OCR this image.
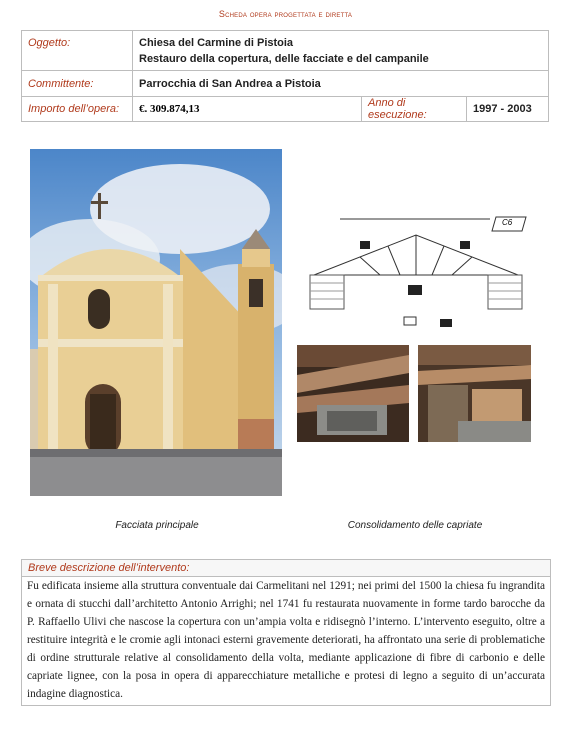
Scheda opera progettata e diretta
Oggetto:	Chiesa del Carmine di Pistoia
Restauro della copertura, delle facciate e del campanile		

Committente:	Parrocchia di San Andrea a Pistoia		
Importo dell’opera:	€. 309.874,13	Anno di esecuzione:	1997 - 2003
C6
Facciata principale	Consolidamento delle capriate
Breve descrizione dell’intervento:
Fu edificata insieme alla struttura conventuale dai Carmelitani nel 1291; nei primi del 1500 la chiesa fu ingrandita e ornata di stucchi dall’architetto Antonio Arrighi; nel 1741 fu restaurata nuovamente in forme tardo barocche da P. Raffaello Ulivi che nascose la copertura con un’ampia volta e ridisegnò l’interno. L’intervento eseguito, oltre a restituire integrità e le cromie agli intonaci esterni gravemente deteriorati, ha affrontato una serie di problematiche di ordine strutturale relative al consolidamento della volta, mediante applicazione di fibre di carbonio e delle capriate lignee, con la posa in opera di apparecchiature metalliche e protesi di legno a seguito di un’accurata indagine diagnostica.
